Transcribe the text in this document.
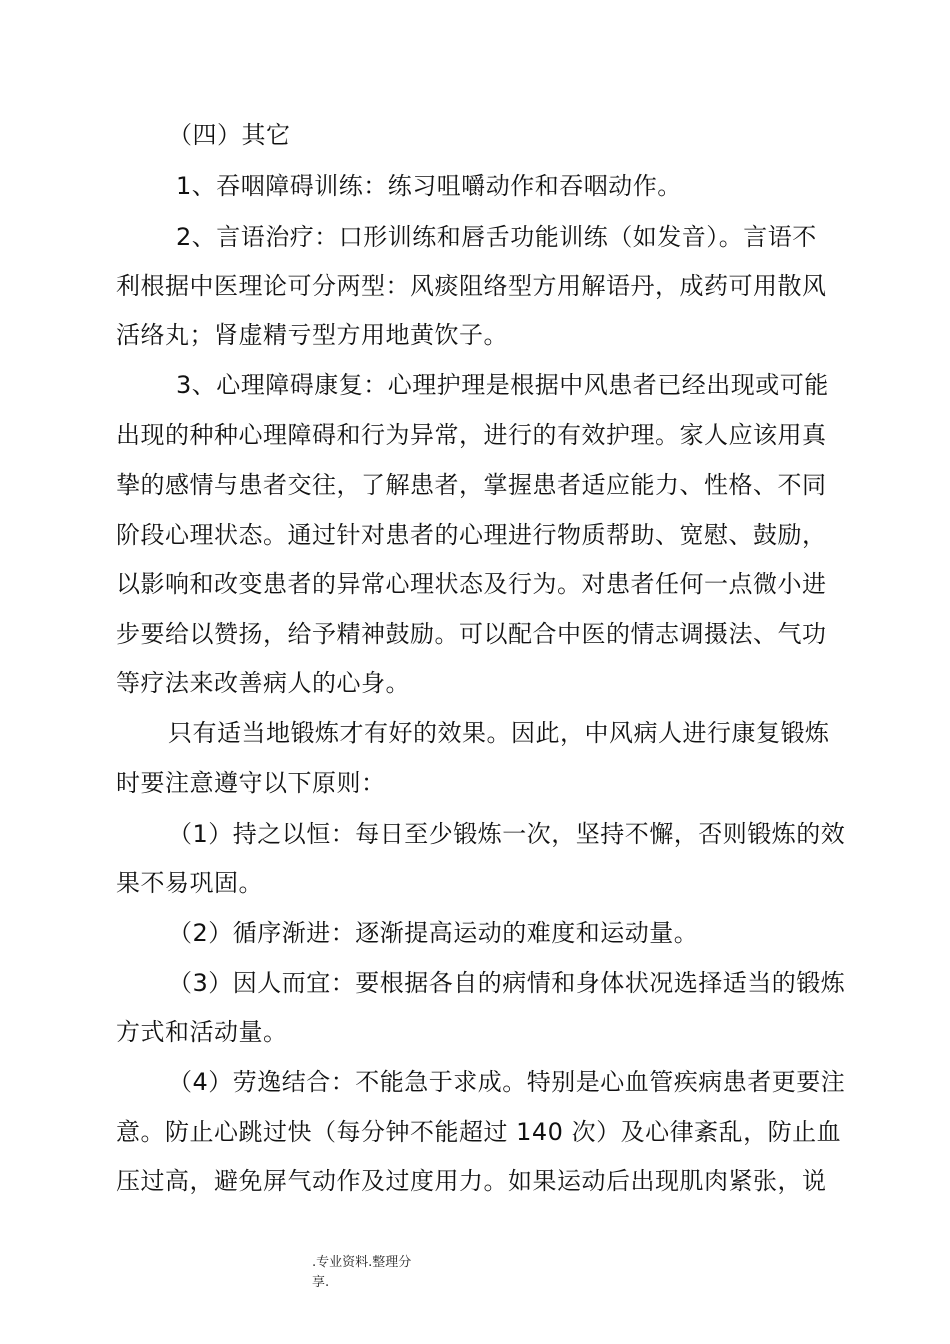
（四）其它
1、吞咽障碍训练：练习咀嚼动作和吞咽动作。
2、言语治疗：口形训练和唇舌功能训练（如发音）。言语不
利根据中医理论可分两型：风痰阻络型方用解语丹，成药可用散风
活络丸；肾虚精亏型方用地黄饮子。
3、心理障碍康复：心理护理是根据中风患者已经出现或可能
出现的种种心理障碍和行为异常，进行的有效护理。家人应该用真
挚的感情与患者交往，了解患者，掌握患者适应能力、性格、不同
阶段心理状态。通过针对患者的心理进行物质帮助、宽慰、鼓励，
以影响和改变患者的异常心理状态及行为。对患者任何一点微小进
步要给以赞扬，给予精神鼓励。可以配合中医的情志调摄法、气功
等疗法来改善病人的心身。
只有适当地锻炼才有好的效果。因此，中风病人进行康复锻炼
时要注意遵守以下原则：
（1）持之以恒：每日至少锻炼一次，坚持不懈，否则锻炼的效
果不易巩固。
（2）循序渐进：逐渐提高运动的难度和运动量。
（3）因人而宜：要根据各自的病情和身体状况选择适当的锻炼
方式和活动量。
（4）劳逸结合：不能急于求成。特别是心血管疾病患者更要注
意。防止心跳过快（每分钟不能超过 140 次）及心律紊乱，防止血
压过高，避免屏气动作及过度用力。如果运动后出现肌肉紧张，说
.专业资料.整理分
享.
